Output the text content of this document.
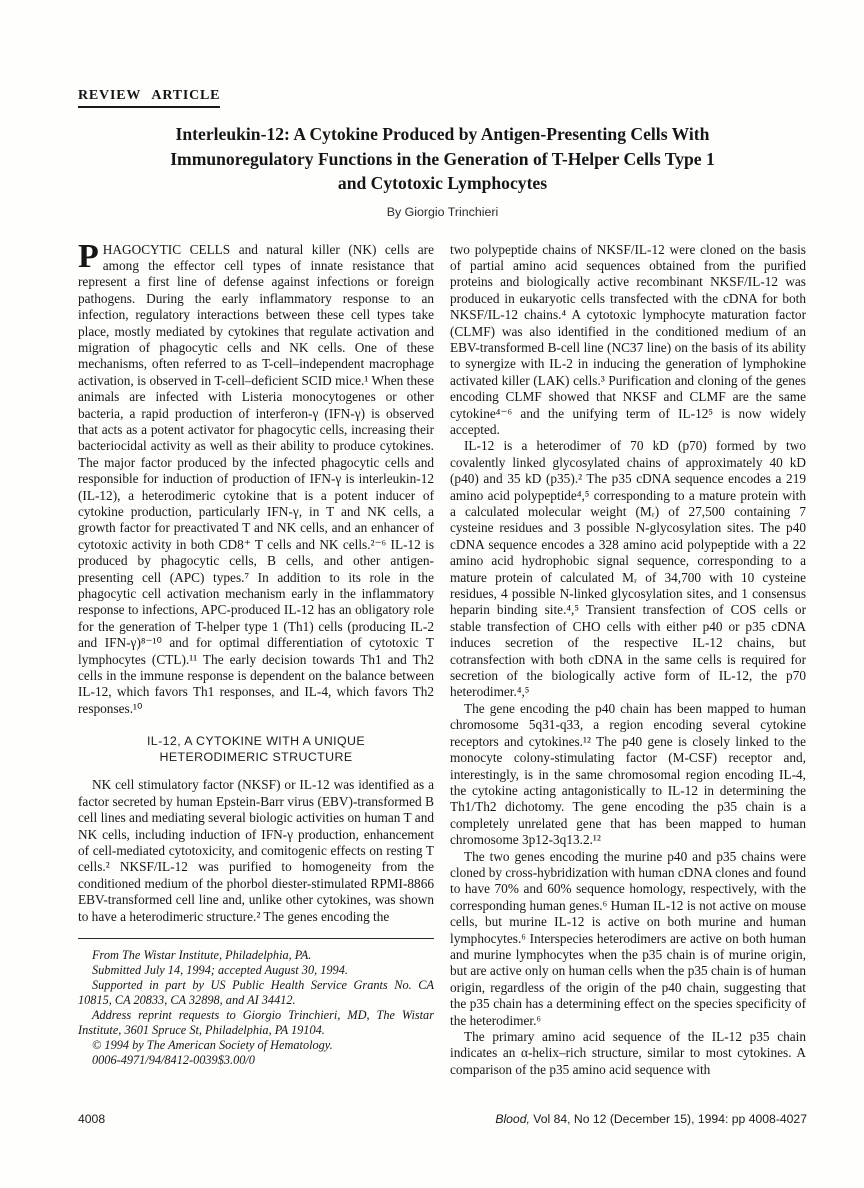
REVIEW ARTICLE
Interleukin-12: A Cytokine Produced by Antigen-Presenting Cells With
Immunoregulatory Functions in the Generation of T-Helper Cells Type 1
and Cytotoxic Lymphocytes
By Giorgio Trinchieri

PHAGOCYTIC CELLS and natural killer (NK) cells are among the effector cell types of innate resistance that represent a first line of defense against infections or foreign pathogens. During the early inflammatory response to an infection, regulatory interactions between these cell types take place, mostly mediated by cytokines that regulate activation and migration of phagocytic cells and NK cells. One of these mechanisms, often referred to as T-cell–independent macrophage activation, is observed in T-cell–deficient SCID mice.¹ When these animals are infected with Listeria monocytogenes or other bacteria, a rapid production of interferon-γ (IFN-γ) is observed that acts as a potent activator for phagocytic cells, increasing their bacteriocidal activity as well as their ability to produce cytokines. The major factor produced by the infected phagocytic cells and responsible for induction of production of IFN-γ is interleukin-12 (IL-12), a heterodimeric cytokine that is a potent inducer of cytokine production, particularly IFN-γ, in T and NK cells, a growth factor for preactivated T and NK cells, and an enhancer of cytotoxic activity in both CD8⁺ T cells and NK cells.²⁻⁶ IL-12 is produced by phagocytic cells, B cells, and other antigen-presenting cell (APC) types.⁷ In addition to its role in the phagocytic cell activation mechanism early in the inflammatory response to infections, APC-produced IL-12 has an obligatory role for the generation of T-helper type 1 (Th1) cells (producing IL-2 and IFN-γ)⁸⁻¹⁰ and for optimal differentiation of cytotoxic T lymphocytes (CTL).¹¹ The early decision towards Th1 and Th2 cells in the immune response is dependent on the balance between IL-12, which favors Th1 responses, and IL-4, which favors Th2 responses.¹⁰

IL-12, A CYTOKINE WITH A UNIQUE HETERODIMERIC STRUCTURE

NK cell stimulatory factor (NKSF) or IL-12 was identified as a factor secreted by human Epstein-Barr virus (EBV)-transformed B cell lines and mediating several biologic activities on human T and NK cells, including induction of IFN-γ production, enhancement of cell-mediated cytotoxicity, and comitogenic effects on resting T cells.² NKSF/IL-12 was purified to homogeneity from the conditioned medium of the phorbol diester-stimulated RPMI-8866 EBV-transformed cell line and, unlike other cytokines, was shown to have a heterodimeric structure.² The genes encoding the

From The Wistar Institute, Philadelphia, PA.

Submitted July 14, 1994; accepted August 30, 1994.

Supported in part by US Public Health Service Grants No. CA 10815, CA 20833, CA 32898, and AI 34412.

Address reprint requests to Giorgio Trinchieri, MD, The Wistar Institute, 3601 Spruce St, Philadelphia, PA 19104.

© 1994 by The American Society of Hematology.

0006-4971/94/8412-0039$3.00/0

two polypeptide chains of NKSF/IL-12 were cloned on the basis of partial amino acid sequences obtained from the purified proteins and biologically active recombinant NKSF/IL-12 was produced in eukaryotic cells transfected with the cDNA for both NKSF/IL-12 chains.⁴ A cytotoxic lymphocyte maturation factor (CLMF) was also identified in the conditioned medium of an EBV-transformed B-cell line (NC37 line) on the basis of its ability to synergize with IL-2 in inducing the generation of lymphokine activated killer (LAK) cells.³ Purification and cloning of the genes encoding CLMF showed that NKSF and CLMF are the same cytokine⁴⁻⁶ and the unifying term of IL-12⁵ is now widely accepted.

IL-12 is a heterodimer of 70 kD (p70) formed by two covalently linked glycosylated chains of approximately 40 kD (p40) and 35 kD (p35).² The p35 cDNA sequence encodes a 219 amino acid polypeptide⁴,⁵ corresponding to a mature protein with a calculated molecular weight (Mᵣ) of 27,500 containing 7 cysteine residues and 3 possible N-glycosylation sites. The p40 cDNA sequence encodes a 328 amino acid polypeptide with a 22 amino acid hydrophobic signal sequence, corresponding to a mature protein of calculated Mᵣ of 34,700 with 10 cysteine residues, 4 possible N-linked glycosylation sites, and 1 consensus heparin binding site.⁴,⁵ Transient transfection of COS cells or stable transfection of CHO cells with either p40 or p35 cDNA induces secretion of the respective IL-12 chains, but cotransfection with both cDNA in the same cells is required for secretion of the biologically active form of IL-12, the p70 heterodimer.⁴,⁵

The gene encoding the p40 chain has been mapped to human chromosome 5q31-q33, a region encoding several cytokine receptors and cytokines.¹² The p40 gene is closely linked to the monocyte colony-stimulating factor (M-CSF) receptor and, interestingly, is in the same chromosomal region encoding IL-4, the cytokine acting antagonistically to IL-12 in determining the Th1/Th2 dichotomy. The gene encoding the p35 chain is a completely unrelated gene that has been mapped to human chromosome 3p12-3q13.2.¹²

The two genes encoding the murine p40 and p35 chains were cloned by cross-hybridization with human cDNA clones and found to have 70% and 60% sequence homology, respectively, with the corresponding human genes.⁶ Human IL-12 is not active on mouse cells, but murine IL-12 is active on both murine and human lymphocytes.⁶ Interspecies heterodimers are active on both human and murine lymphocytes when the p35 chain is of murine origin, but are active only on human cells when the p35 chain is of human origin, regardless of the origin of the p40 chain, suggesting that the p35 chain has a determining effect on the species specificity of the heterodimer.⁶

The primary amino acid sequence of the IL-12 p35 chain indicates an α-helix–rich structure, similar to most cytokines. A comparison of the p35 amino acid sequence with

4008	Blood, Vol 84, No 12 (December 15), 1994: pp 4008-4027
